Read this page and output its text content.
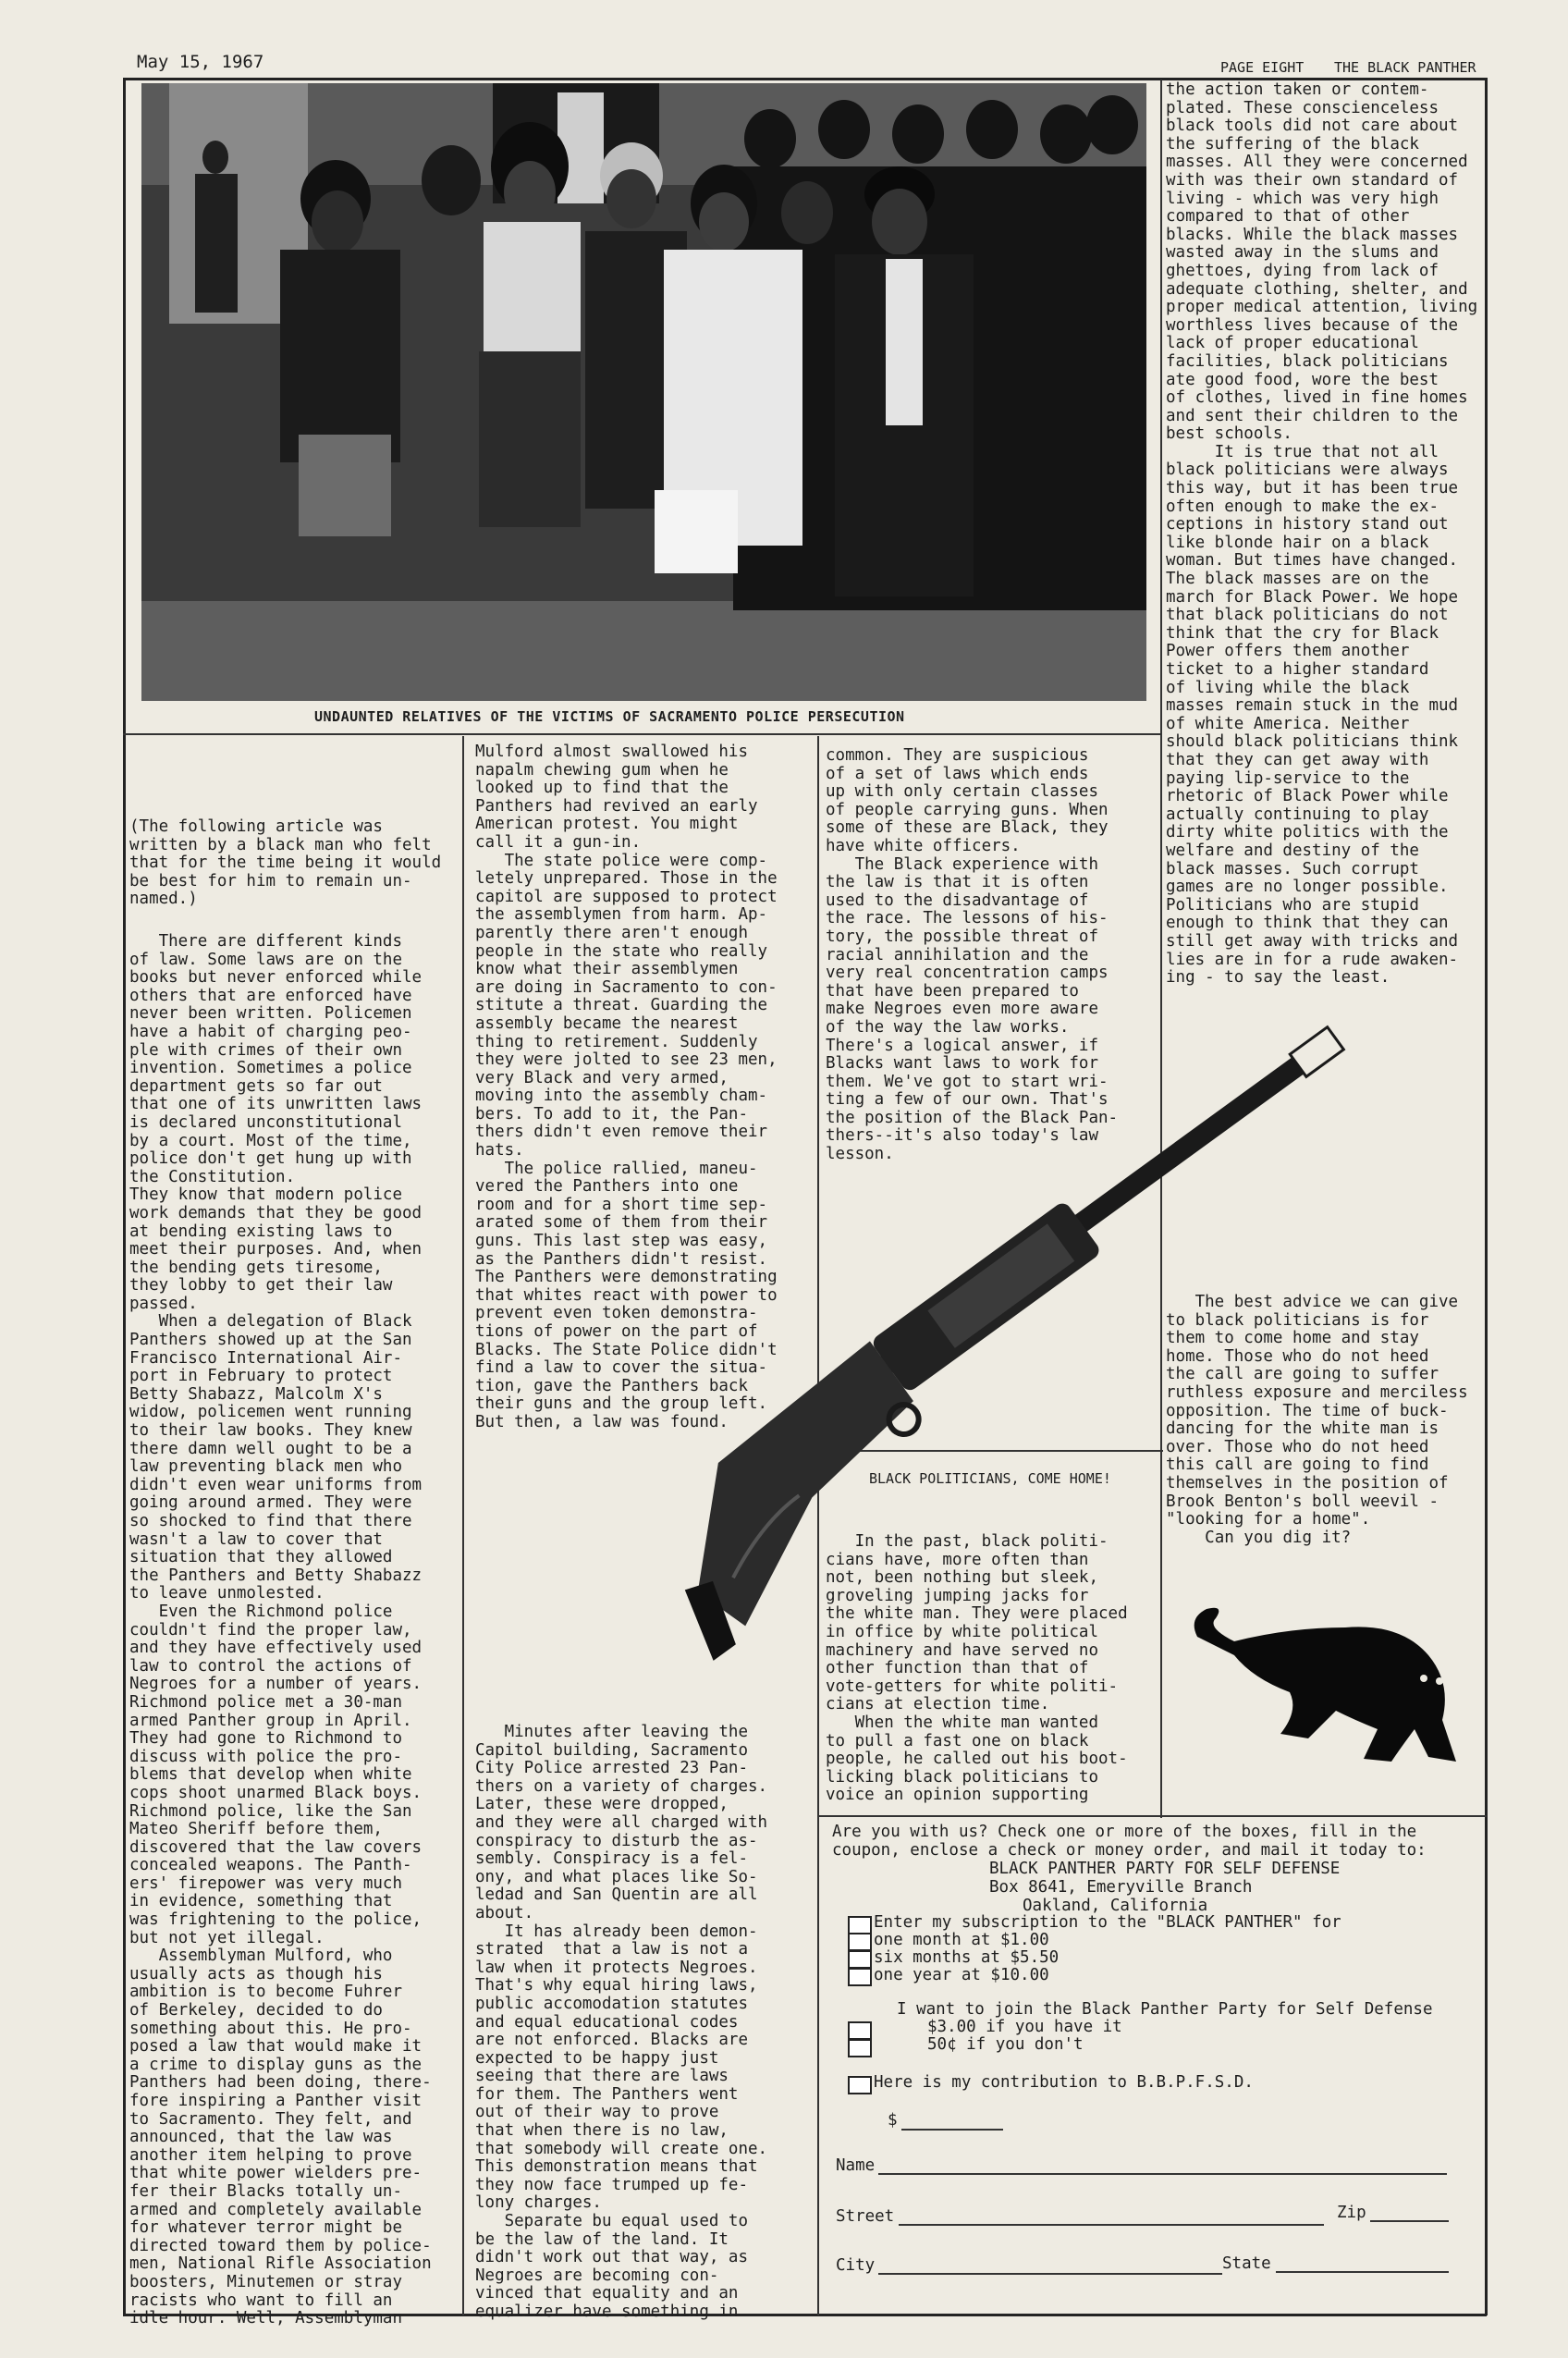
May 15, 1967	PAGE EIGHT THE BLACK PANTHER
UNDAUNTED RELATIVES OF THE VICTIMS OF SACRAMENTO POLICE PERSECUTION
(The following article was
written by a black man who felt
that for the time being it would
be best for him to remain un-
named.)
There are different kinds
of law. Some laws are on the
books but never enforced while
others that are enforced have
never been written. Policemen
have a habit of charging peo-
ple with crimes of their own
invention. Sometimes a police
department gets so far out
that one of its unwritten laws
is declared unconstitutional
by a court. Most of the time,
police don't get hung up with
the Constitution.
They know that modern police
work demands that they be good
at bending existing laws to
meet their purposes. And, when
the bending gets tiresome,
they lobby to get their law
passed.
When a delegation of Black
Panthers showed up at the San
Francisco International Air-
port in February to protect
Betty Shabazz, Malcolm X's
widow, policemen went running
to their law books. They knew
there damn well ought to be a
law preventing black men who
didn't even wear uniforms from
going around armed. They were
so shocked to find that there
wasn't a law to cover that
situation that they allowed
the Panthers and Betty Shabazz
to leave unmolested.
Even the Richmond police
couldn't find the proper law,
and they have effectively used
law to control the actions of
Negroes for a number of years.
Richmond police met a 30-man
armed Panther group in April.
They had gone to Richmond to
discuss with police the pro-
blems that develop when white
cops shoot unarmed Black boys.
Richmond police, like the San
Mateo Sheriff before them,
discovered that the law covers
concealed weapons. The Panth-
ers' firepower was very much
in evidence, something that
was frightening to the police,
but not yet illegal.
Assemblyman Mulford, who
usually acts as though his
ambition is to become Fuhrer
of Berkeley, decided to do
something about this. He pro-
posed a law that would make it
a crime to display guns as the
Panthers had been doing, there-
fore inspiring a Panther visit
to Sacramento. They felt, and
announced, that the law was
another item helping to prove
that white power wielders pre-
fer their Blacks totally un-
armed and completely available
for whatever terror might be
directed toward them by police-
men, National Rifle Association
boosters, Minutemen or stray
racists who want to fill an
idle hour. Well, Assemblyman
Mulford almost swallowed his
napalm chewing gum when he
looked up to find that the
Panthers had revived an early
American protest. You might
call it a gun-in.
The state police were comp-
letely unprepared. Those in the
capitol are supposed to protect
the assemblymen from harm. Ap-
parently there aren't enough
people in the state who really
know what their assemblymen
are doing in Sacramento to con-
stitute a threat. Guarding the
assembly became the nearest
thing to retirement. Suddenly
they were jolted to see 23 men,
very Black and very armed,
moving into the assembly cham-
bers. To add to it, the Pan-
thers didn't even remove their
hats.
The police rallied, maneu-
vered the Panthers into one
room and for a short time sep-
arated some of them from their
guns. This last step was easy,
as the Panthers didn't resist.
The Panthers were demonstrating
that whites react with power to
prevent even token demonstra-
tions of power on the part of
Blacks. The State Police didn't
find a law to cover the situa-
tion, gave the Panthers back
their guns and the group left.
But then, a law was found.
Minutes after leaving the
Capitol building, Sacramento
City Police arrested 23 Pan-
thers on a variety of charges.
Later, these were dropped,
and they were all charged with
conspiracy to disturb the as-
sembly. Conspiracy is a fel-
ony, and what places like So-
ledad and San Quentin are all
about.
It has already been demon-
strated  that a law is not a
law when it protects Negroes.
That's why equal hiring laws,
public accomodation statutes
and equal educational codes
are not enforced. Blacks are
expected to be happy just
seeing that there are laws
for them. The Panthers went
out of their way to prove
that when there is no law,
that somebody will create one.
This demonstration means that
they now face trumped up fe-
lony charges.
Separate bu equal used to
be the law of the land. It
didn't work out that way, as
Negroes are becoming con-
vinced that equality and an
equalizer have something in
common. They are suspicious
of a set of laws which ends
up with only certain classes
of people carrying guns. When
some of these are Black, they
have white officers.
The Black experience with
the law is that it is often
used to the disadvantage of
the race. The lessons of his-
tory, the possible threat of
racial annihilation and the
very real concentration camps
that have been prepared to
make Negroes even more aware
of the way the law works.
There's a logical answer, if
Blacks want laws to work for
them. We've got to start wri-
ting a few of our own. That's
the position of the Black Pan-
thers--it's also today's law
lesson.
BLACK POLITICIANS, COME HOME!
In the past, black politi-
cians have, more often than
not, been nothing but sleek,
groveling jumping jacks for
the white man. They were placed
in office by white political
machinery and have served no
other function than that of
vote-getters for white politi-
cians at election time.
When the white man wanted
to pull a fast one on black
people, he called out his boot-
licking black politicians to
voice an opinion supporting
the action taken or contem-
plated. These conscienceless
black tools did not care about
the suffering of the black
masses. All they were concerned
with was their own standard of
living - which was very high
compared to that of other
blacks. While the black masses
wasted away in the slums and
ghettoes, dying from lack of
adequate clothing, shelter, and
proper medical attention, living
worthless lives because of the
lack of proper educational
facilities, black politicians
ate good food, wore the best
of clothes, lived in fine homes
and sent their children to the
best schools.
It is true that not all
black politicians were always
this way, but it has been true
often enough to make the ex-
ceptions in history stand out
like blonde hair on a black
woman. But times have changed.
The black masses are on the
march for Black Power. We hope
that black politicians do not
think that the cry for Black
Power offers them another
ticket to a higher standard
of living while the black
masses remain stuck in the mud
of white America. Neither
should black politicians think
that they can get away with
paying lip-service to the
rhetoric of Black Power while
actually continuing to play
dirty white politics with the
welfare and destiny of the
black masses. Such corrupt
games are no longer possible.
Politicians who are stupid
enough to think that they can
still get away with tricks and
lies are in for a rude awaken-
ing - to say the least.
The best advice we can give
to black politicians is for
them to come home and stay
home. Those who do not heed
the call are going to suffer
ruthless exposure and merciless
opposition. The time of buck-
dancing for the white man is
over. Those who do not heed
this call are going to find
themselves in the position of
Brook Benton's boll weevil -
"looking for a home".
Can you dig it?
Are you with us? Check one or more of the boxes, fill in the
coupon, enclose a check or money order, and mail it today to:
BLACK PANTHER PARTY FOR SELF DEFENSE
Box 8641, Emeryville Branch
Oakland, California
Enter my subscription to the "BLACK PANTHER" for
one month at $1.00
six months at $5.50
one year at $10.00
I want to join the Black Panther Party for Self Defense
$3.00 if you have it
50¢ if you don't
Here is my contribution to B.B.P.F.S.D.
$
Name
Street	Zip
City	State
